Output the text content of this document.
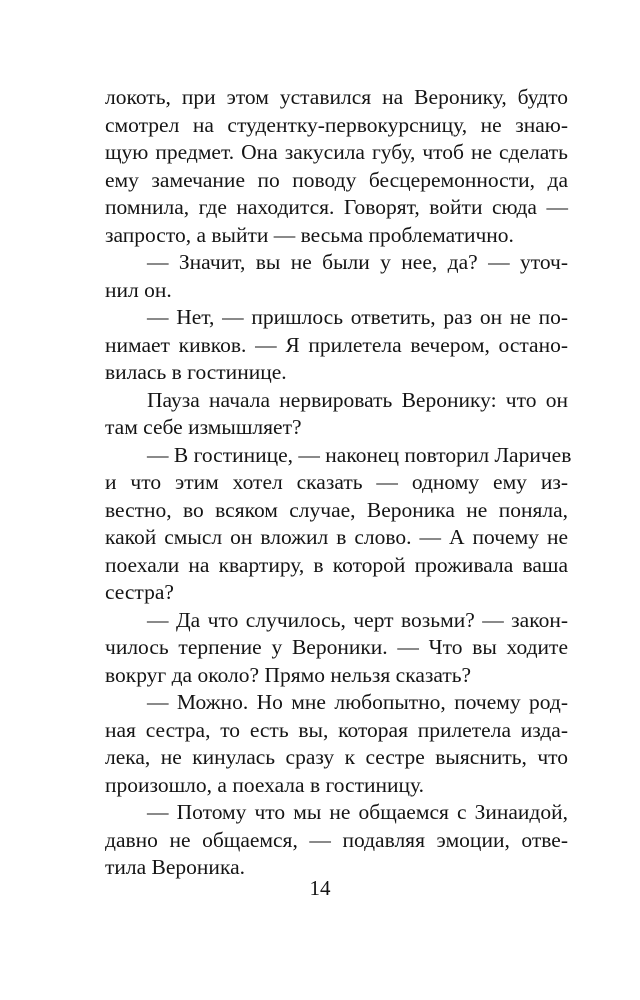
локоть, при этом уставился на Веронику, будто
смотрел на студентку-первокурсницу, не знаю-
щую предмет. Она закусила губу, чтоб не сделать
ему замечание по поводу бесцеремонности, да
помнила, где находится. Говорят, войти сюда —
запросто, а выйти — весьма проблематично.
— Значит, вы не были у нее, да? — уточ-
нил он.
— Нет, — пришлось ответить, раз он не по-
нимает кивков. — Я прилетела вечером, остано-
вилась в гостинице.
Пауза начала нервировать Веронику: что он
там себе измышляет?
— В гостинице, — наконец повторил Ларичев
и что этим хотел сказать — одному ему из-
вестно, во всяком случае, Вероника не поняла,
какой смысл он вложил в слово. — А почему не
поехали на квартиру, в которой проживала ваша
сестра?
— Да что случилось, черт возьми? — закон-
чилось терпение у Вероники. — Что вы ходите
вокруг да около? Прямо нельзя сказать?
— Можно. Но мне любопытно, почему род-
ная сестра, то есть вы, которая прилетела изда-
лека, не кинулась сразу к сестре выяснить, что
произошло, а поехала в гостиницу.
— Потому что мы не общаемся с Зинаидой,
давно не общаемся, — подавляя эмоции, отве-
тила Вероника.
14
